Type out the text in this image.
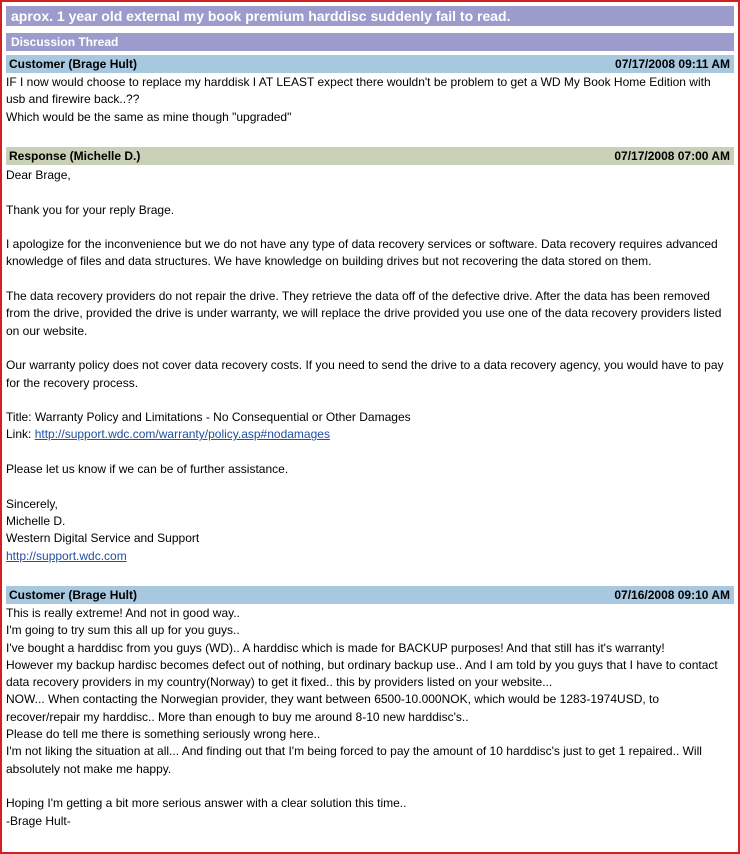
aprox. 1 year old external my book premium harddisc suddenly fail to read.
Discussion Thread
Customer (Brage Hult)	07/17/2008 09:11 AM

IF I now would choose to replace my harddisk I AT LEAST expect there wouldn't be problem to get a WD My Book Home Edition with

usb and firewire back..??

Which would be the same as mine though "upgraded"

Response (Michelle D.)	07/17/2008 07:00 AM

Dear Brage,

Thank you for your reply Brage.

I apologize for the inconvenience but we do not have any type of data recovery services or software. Data recovery requires advanced

knowledge of files and data structures. We have knowledge on building drives but not recovering the data stored on them.

The data recovery providers do not repair the drive. They retrieve the data off of the defective drive. After the data has been removed

from the drive, provided the drive is under warranty, we will replace the drive provided you use one of the data recovery providers listed

on our website.

Our warranty policy does not cover data recovery costs. If you need to send the drive to a data recovery agency, you would have to pay

for the recovery process.

Title: Warranty Policy and Limitations - No Consequential or Other Damages

Link: http://support.wdc.com/warranty/policy.asp#nodamages

Please let us know if we can be of further assistance.

Sincerely,

Michelle D.

Western Digital Service and Support

http://support.wdc.com

Customer (Brage Hult)	07/16/2008 09:10 AM

This is really extreme! And not in good way..

I'm going to try sum this all up for you guys..

I've bought a harddisc from you guys (WD).. A harddisc which is made for BACKUP purposes! And that still has it's warranty!

However my backup hardisc becomes defect out of nothing, but ordinary backup use.. And I am told by you guys that I have to contact

data recovery providers in my country(Norway) to get it fixed.. this by providers listed on your website...

NOW... When contacting the Norwegian provider, they want between 6500-10.000NOK, which would be 1283-1974USD, to

recover/repair my harddisc.. More than enough to buy me around 8-10 new harddisc's..

Please do tell me there is something seriously wrong here..

I'm not liking the situation at all... And finding out that I'm being forced to pay the amount of 10 harddisc's just to get 1 repaired.. Will

absolutely not make me happy.

Hoping I'm getting a bit more serious answer with a clear solution this time..

-Brage Hult-
